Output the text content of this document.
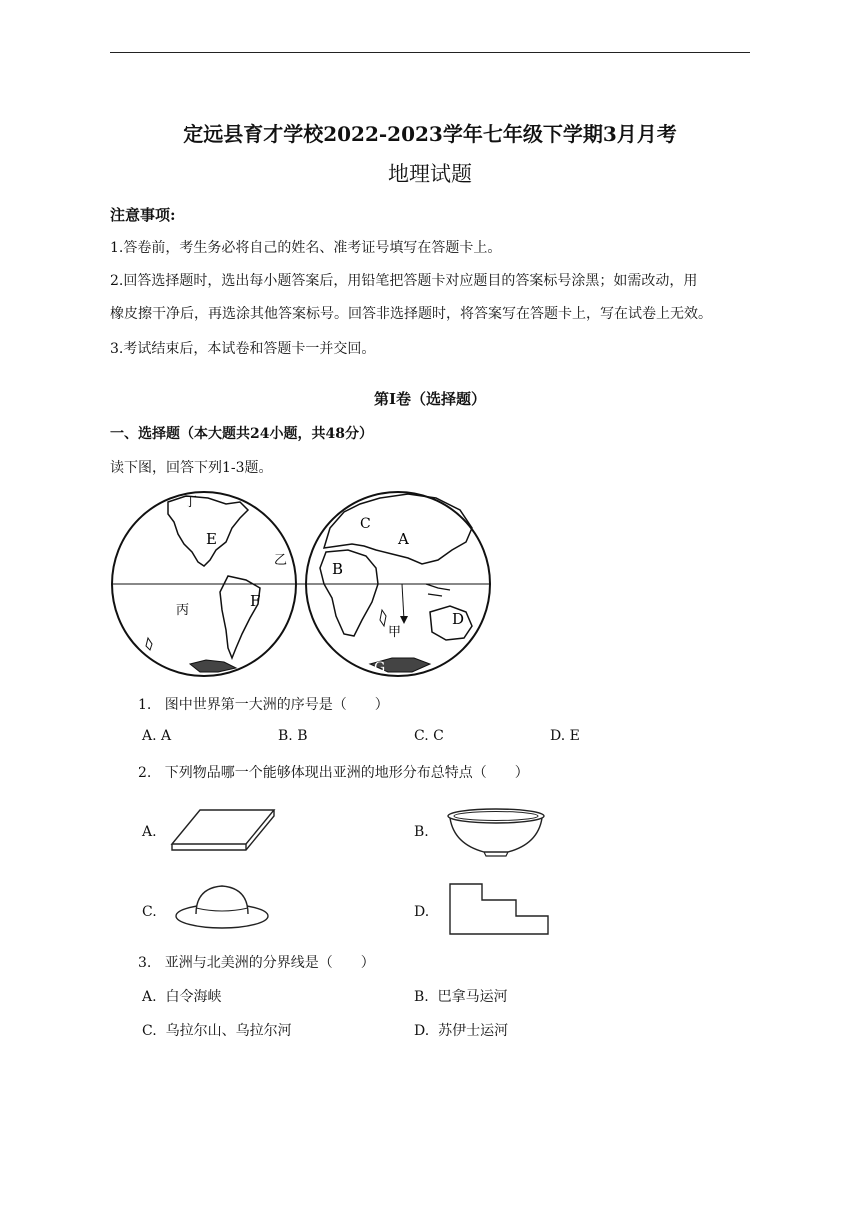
定远县育才学校2022-2023学年七年级下学期3月月考
地理试题
注意事项:
1.答卷前，考生务必将自己的姓名、准考证号填写在答题卡上。
2.回答选择题时，选出每小题答案后，用铅笔把答题卡对应题目的答案标号涂黑；如需改动，用
橡皮擦干净后，再选涂其他答案标号。回答非选择题时，将答案写在答题卡上，写在试卷上无效。
3.考试结束后，本试卷和答题卡一并交回。
第Ⅰ卷（选择题）
一、选择题（本大题共24小题，共48分）
读下图，回答下列1-3题。
丁
E
乙
丙
F
C
A
B
甲
D
G
1. 图中世界第一大洲的序号是（　　）
A. A	B. B	C. C	D. E
2. 下列物品哪一个能够体现出亚洲的地形分布总特点（　　）
A.	B.
C.	D.
3. 亚洲与北美洲的分界线是（　　）
A. 白令海峡	B. 巴拿马运河
C. 乌拉尔山、乌拉尔河	D. 苏伊士运河
